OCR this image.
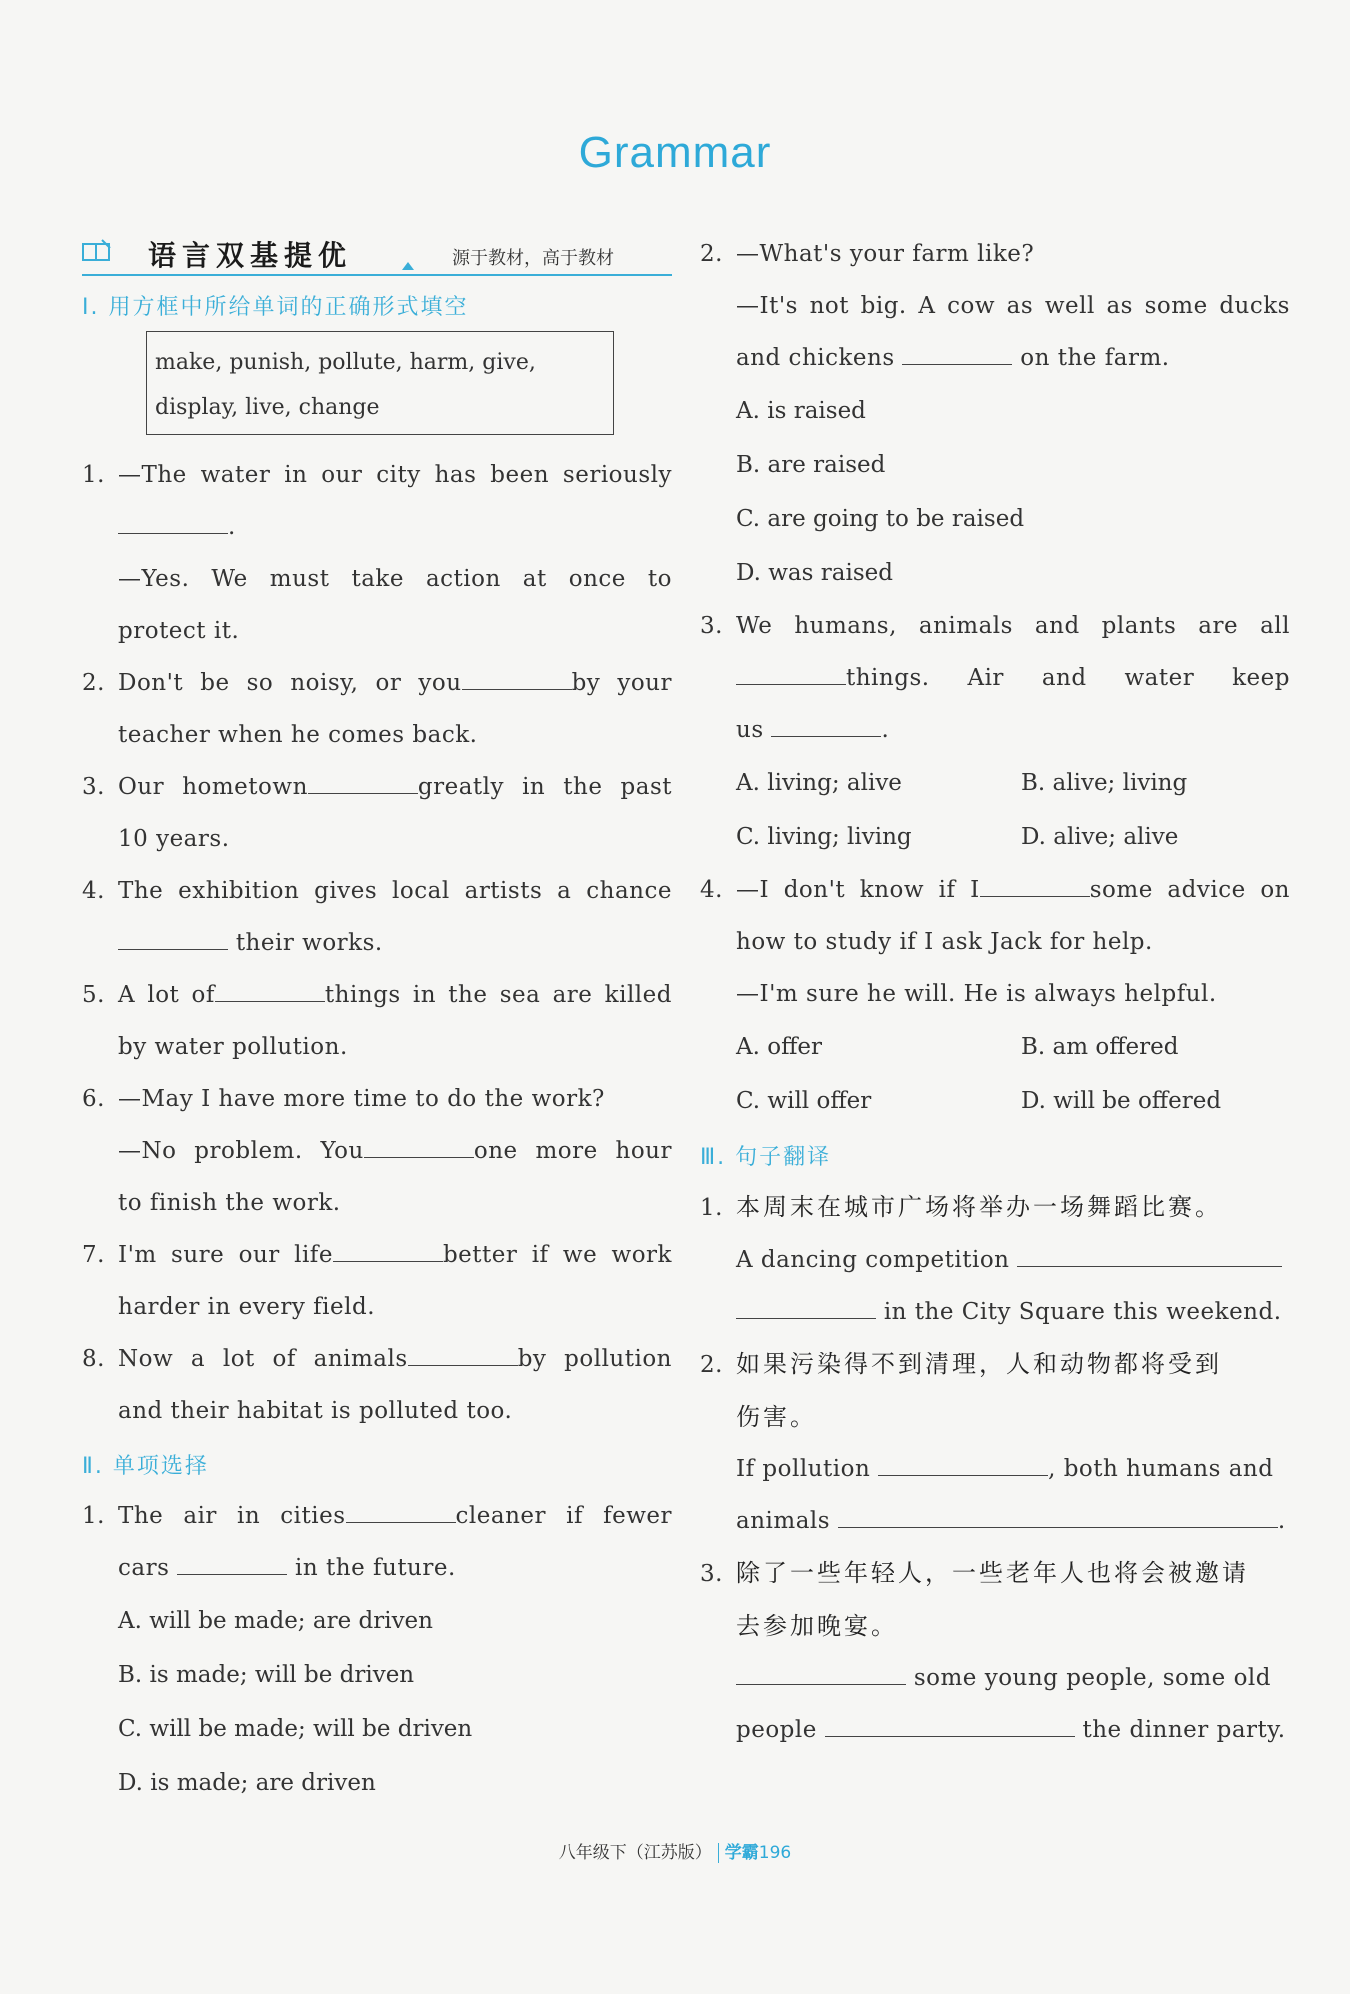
Grammar
语言双基提优	源于教材，高于教材
Ⅰ. 用方框中所给单词的正确形式填空
make, punish, pollute, harm, give,
display, live, change
1. —The water in our city has been seriously
.
—Yes. We must take action at once to
protect it.
2. Don't be so noisy, or you	by your
teacher when he comes back.
3. Our hometown	greatly in the past
10 years.
4. The exhibition gives local artists a chance
their works.
5. A lot of	things in the sea are killed
by water pollution.
6. —May I have more time to do the work?
—No problem. You	one more hour
to finish the work.
7. I'm sure our life	better if we work
harder in every field.
8. Now a lot of animals	by pollution
and their habitat is polluted too.
Ⅱ. 单项选择
1. The air in cities	cleaner if fewer
cars	in the future.
A. will be made; are driven
B. is made; will be driven
C. will be made; will be driven
D. is made; are driven
2. —What's your farm like?
—It's not big. A cow as well as some ducks
and chickens	on the farm.
A. is raised
B. are raised
C. are going to be raised
D. was raised
3. We humans, animals and plants are all
things. Air and water keep
us	.
A. living; alive	B. alive; living
C. living; living	D. alive; alive
4. —I don't know if I	some advice on
how to study if I ask Jack for help.
—I'm sure he will. He is always helpful.
A. offer	B. am offered
C. will offer	D. will be offered
Ⅲ. 句子翻译
1. 本周末在城市广场将举办一场舞蹈比赛。
A dancing competition
in the City Square this weekend.
2. 如果污染得不到清理，人和动物都将受到
伤害。
If pollution	, both humans and
animals	.
3. 除了一些年轻人，一些老年人也将会被邀请
去参加晚宴。
some young people, some old
people	the dinner party.
八年级下（江苏版） 学霸196
